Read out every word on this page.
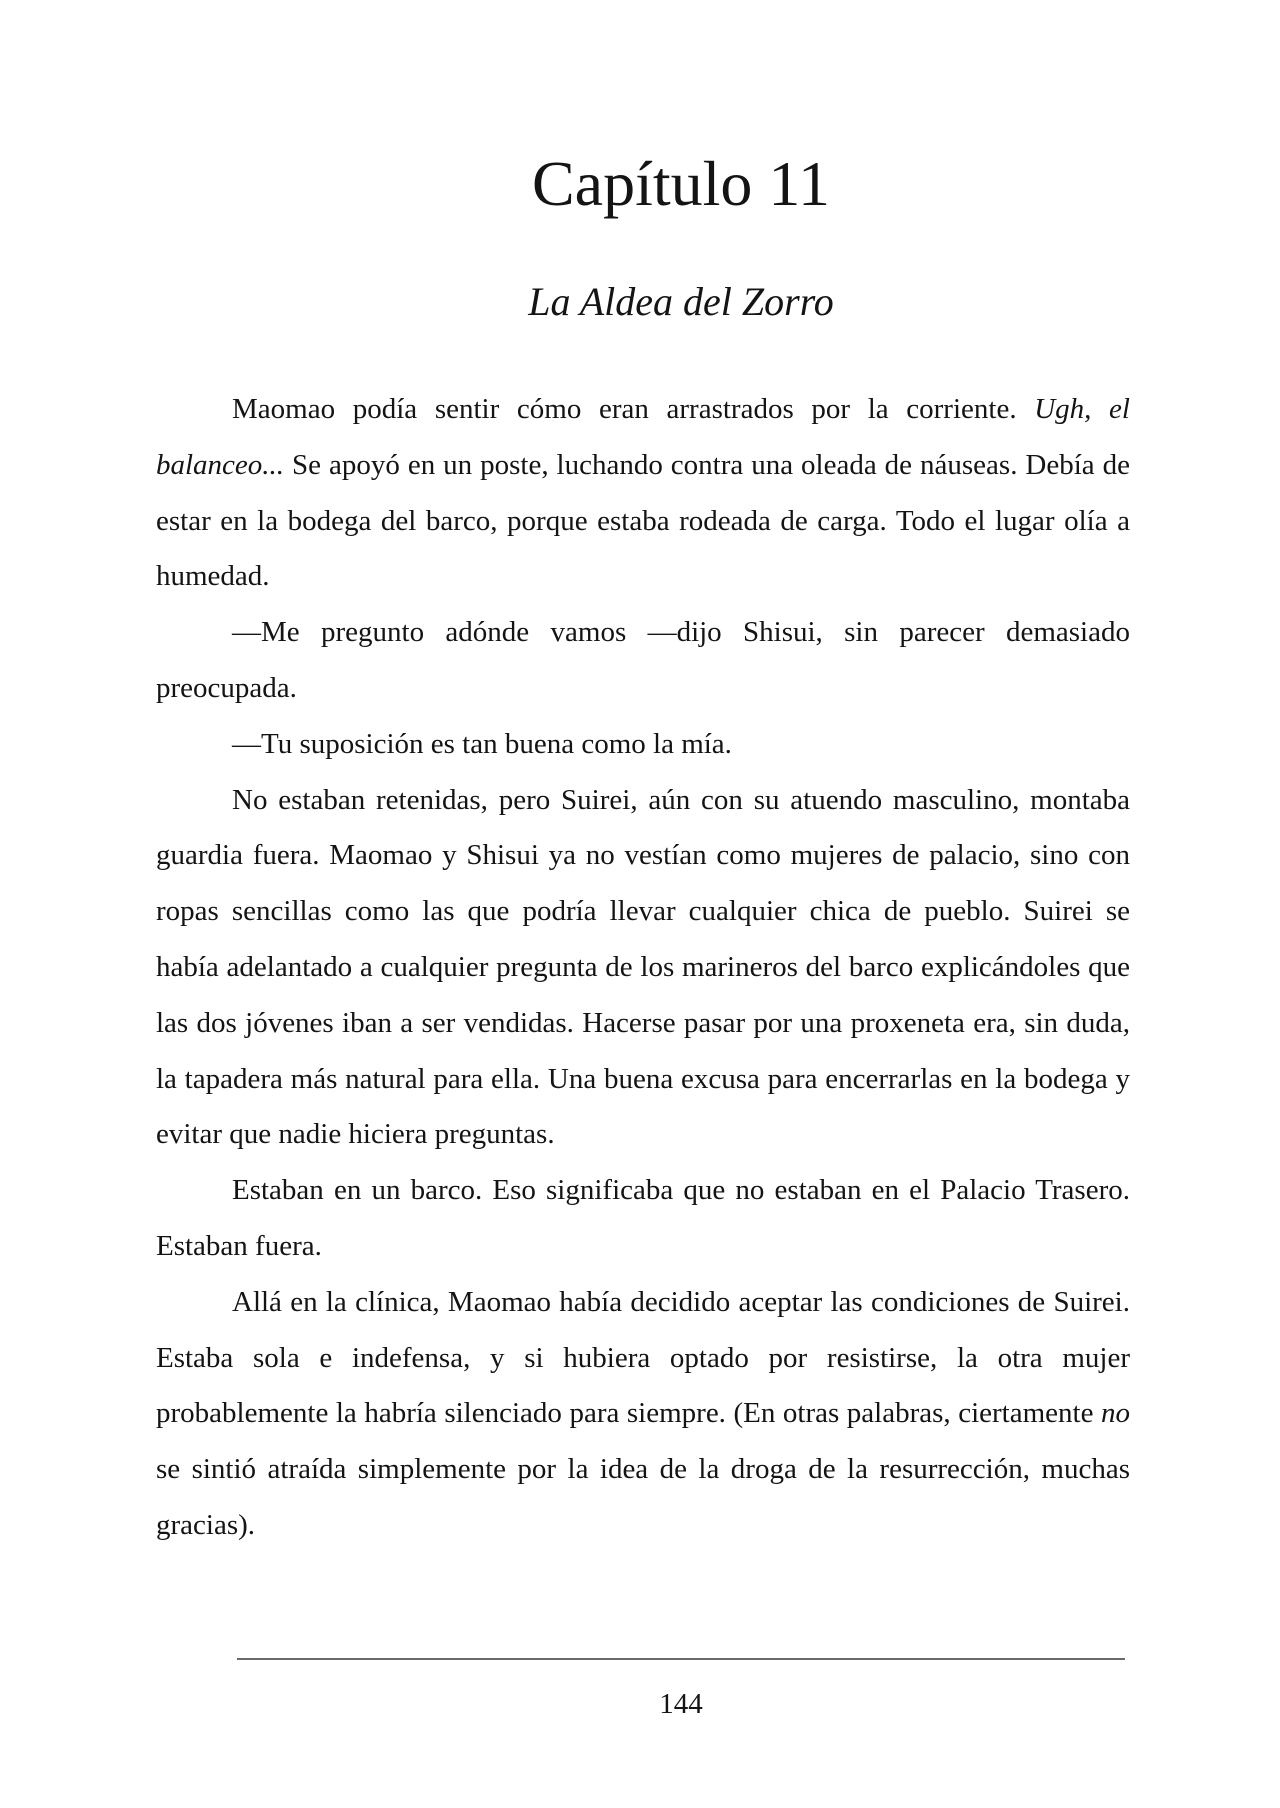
Capítulo 11
La Aldea del Zorro

Maomao podía sentir cómo eran arrastrados por la corriente. Ugh, el balanceo... Se apoyó en un poste, luchando contra una oleada de náuseas. Debía de estar en la bodega del barco, porque estaba rodeada de carga. Todo el lugar olía a humedad.

—Me pregunto adónde vamos —dijo Shisui, sin parecer demasiado preocupada.

—Tu suposición es tan buena como la mía.

No estaban retenidas, pero Suirei, aún con su atuendo masculino, montaba guardia fuera. Maomao y Shisui ya no vestían como mujeres de palacio, sino con ropas sencillas como las que podría llevar cualquier chica de pueblo. Suirei se había adelantado a cualquier pregunta de los marineros del barco explicándoles que las dos jóvenes iban a ser vendidas. Hacerse pasar por una proxeneta era, sin duda, la tapadera más natural para ella. Una buena excusa para encerrarlas en la bodega y evitar que nadie hiciera preguntas.

Estaban en un barco. Eso significaba que no estaban en el Palacio Trasero. Estaban fuera.

Allá en la clínica, Maomao había decidido aceptar las condiciones de Suirei. Estaba sola e indefensa, y si hubiera optado por resistirse, la otra mujer probablemente la habría silenciado para siempre. (En otras palabras, ciertamente no se sintió atraída simplemente por la idea de la droga de la resurrección, muchas gracias).

144
